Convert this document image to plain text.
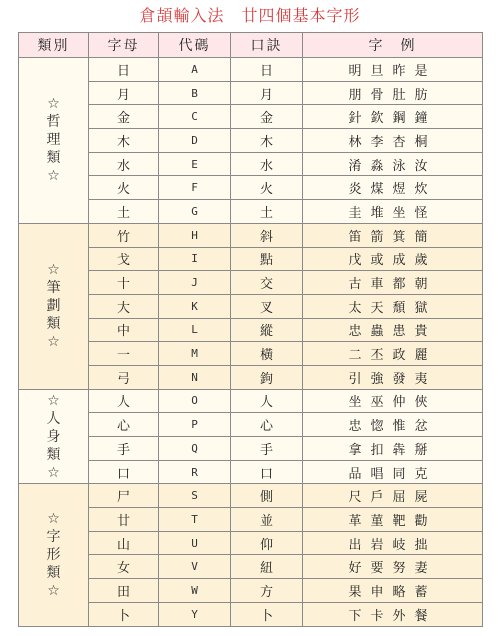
倉頡輸入法　廿四個基本字形
類別	字母	代碼	口訣	字　例
☆哲理類☆	日	A	日	明旦昨是
	月	B	月	朋骨肚肪
	金	C	金	針欽鋼鐘
	木	D	木	林李杏桐
	水	E	水	淆淼泳汝
	火	F	火	炎煤煜炊
	土	G	土	圭堆坐怪
☆筆劃類☆	竹	H	斜	笛箭箕簡
	戈	I	點	戊或成歲
	十	J	交	古車都朝
	大	K	叉	太天頹獄
	中	L	縱	忠蟲患貴
	一	M	橫	二丕政麗
	弓	N	鉤	引強發夷
☆人身類☆	人	O	人	坐巫仲俠
	心	P	心	忠惚惟忿
	手	Q	手	拿扣犇掰
	口	R	口	品唱同克
☆字形類☆	尸	S	側	尺戶屈屍
	廿	T	並	革菫靶勸
	山	U	仰	出岩岐拙
	女	V	紐	好要努妻
	田	W	方	果申略蓄
	卜	Y	卜	下卡外餐
